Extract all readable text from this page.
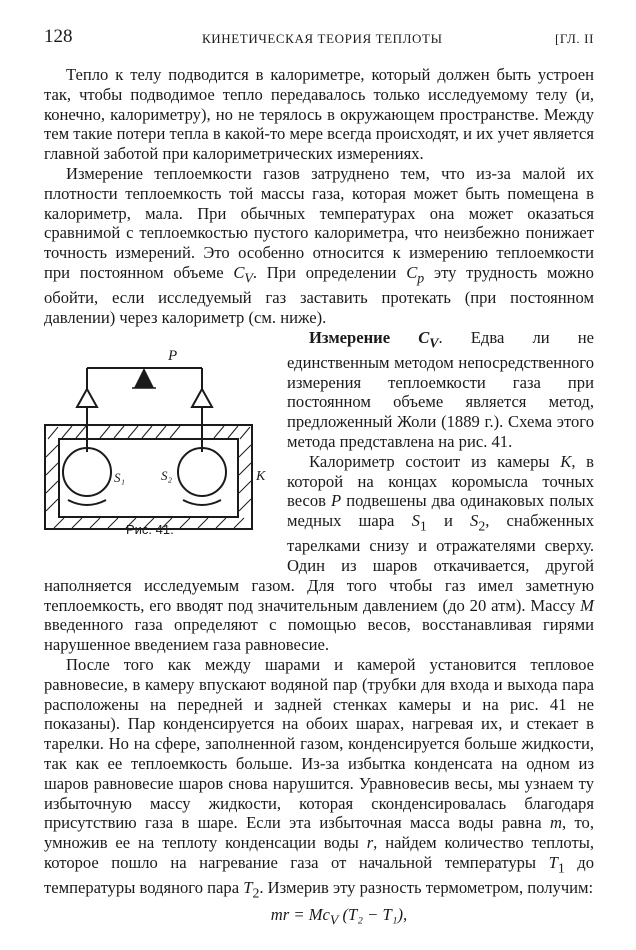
128	КИНЕТИЧЕСКАЯ ТЕОРИЯ ТЕПЛОТЫ	[ГЛ. II

Тепло к телу подводится в калориметре, который должен быть устроен так, чтобы подводимое тепло передавалось только исследуемому телу (и, конечно, калориметру), но не терялось в окружающем пространстве. Между тем такие потери тепла в какой-то мере всегда происходят, и их учет является главной заботой при калориметрических измерениях.

Измерение теплоемкости газов затруднено тем, что из-за малой их плотности теплоемкость той массы газа, которая может быть помещена в калориметр, мала. При обычных температурах она может оказаться сравнимой с теплоемкостью пустого калориметра, что неизбежно понижает точность измерений. Это особенно относится к измерению теплоемкости при постоянном объеме $C_V$. При определении $C_p$ эту трудность можно обойти, если исследуемый газ заставить протекать (при постоянном давлении) через калориметр (см. ниже).

P
S₁	S₂	K
Рис. 41.

Измерение $C_V$. Едва ли не единственным методом непосредственного измерения теплоемкости газа при постоянном объеме является метод, предложенный Жоли (1889 г.). Схема этого метода представлена на рис. 41.

Калориметр состоит из камеры K, в которой на концах коромысла точных весов P подвешены два одинаковых полых медных шара $S_1$ и $S_2$, снабженных тарелками снизу и отражателями сверху. Один из шаров откачивается, другой наполняется исследуемым газом. Для того чтобы газ имел заметную теплоемкость, его вводят под значительным давлением (до 20 атм). Массу M введенного газа определяют с помощью весов, восстанавливая гирями нарушенное введением газа равновесие.

После того как между шарами и камерой установится тепловое равновесие, в камеру впускают водяной пар (трубки для входа и выхода пара расположены на передней и задней стенках камеры и на рис. 41 не показаны). Пар конденсируется на обоих шарах, нагревая их, и стекает в тарелки. Но на сфере, заполненной газом, конденсируется больше жидкости, так как ее теплоемкость больше. Из-за избытка конденсата на одном из шаров равновесие шаров снова нарушится. Уравновесив весы, мы узнаем ту избыточную массу жидкости, которая сконденсировалась благодаря присутствию газа в шаре. Если эта избыточная масса воды равна m, то, умножив ее на теплоту конденсации воды r, найдем количество теплоты, которое пошло на нагревание газа от начальной температуры $T_1$ до температуры водяного пара $T_2$. Измерив эту разность термометром, получим:

mr = $Mc_V$ (T₂ − T₁),
